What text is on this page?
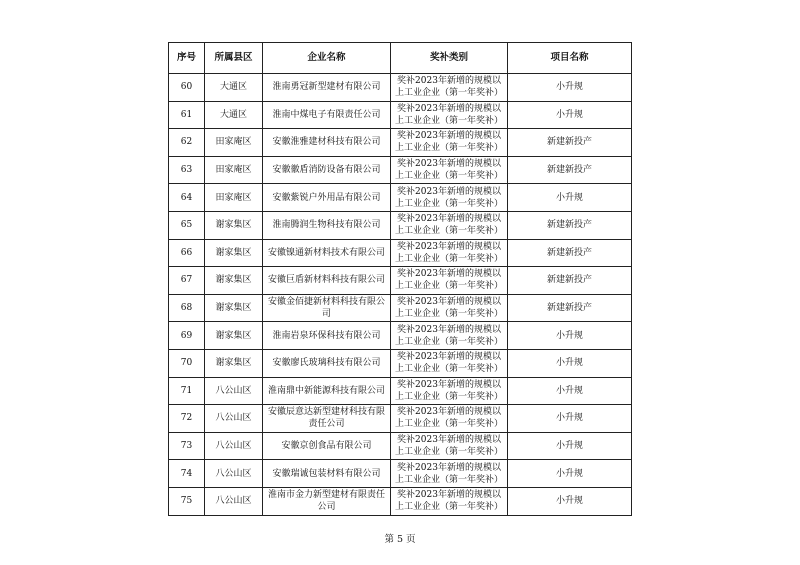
序号	所属县区	企业名称	奖补类别	项目名称
60	大通区	淮南勇冠新型建材有限公司	奖补2023年新增的规模以上工业企业（第一年奖补）	小升规
61	大通区	淮南中煤电子有限责任公司	奖补2023年新增的规模以上工业企业（第一年奖补）	小升规
62	田家庵区	安徽淮雅建材科技有限公司	奖补2023年新增的规模以上工业企业（第一年奖补）	新建新投产
63	田家庵区	安徽徽盾消防设备有限公司	奖补2023年新增的规模以上工业企业（第一年奖补）	新建新投产
64	田家庵区	安徽紫锐户外用品有限公司	奖补2023年新增的规模以上工业企业（第一年奖补）	小升规
65	谢家集区	淮南腾润生物科技有限公司	奖补2023年新增的规模以上工业企业（第一年奖补）	新建新投产
66	谢家集区	安徽镍通新材料技术有限公司	奖补2023年新增的规模以上工业企业（第一年奖补）	新建新投产
67	谢家集区	安徽巨盾新材料科技有限公司	奖补2023年新增的规模以上工业企业（第一年奖补）	新建新投产
68	谢家集区	安徽金佰捷新材料科技有限公司	奖补2023年新增的规模以上工业企业（第一年奖补）	新建新投产
69	谢家集区	淮南岩泉环保科技有限公司	奖补2023年新增的规模以上工业企业（第一年奖补）	小升规
70	谢家集区	安徽廖氏玻璃科技有限公司	奖补2023年新增的规模以上工业企业（第一年奖补）	小升规
71	八公山区	淮南鼎中新能源科技有限公司	奖补2023年新增的规模以上工业企业（第一年奖补）	小升规
72	八公山区	安徽辰意达新型建材科技有限责任公司	奖补2023年新增的规模以上工业企业（第一年奖补）	小升规
73	八公山区	安徽京创食品有限公司	奖补2023年新增的规模以上工业企业（第一年奖补）	小升规
74	八公山区	安徽瑞诚包装材料有限公司	奖补2023年新增的规模以上工业企业（第一年奖补）	小升规
75	八公山区	淮南市金力新型建材有限责任公司	奖补2023年新增的规模以上工业企业（第一年奖补）	小升规
第 5 页
